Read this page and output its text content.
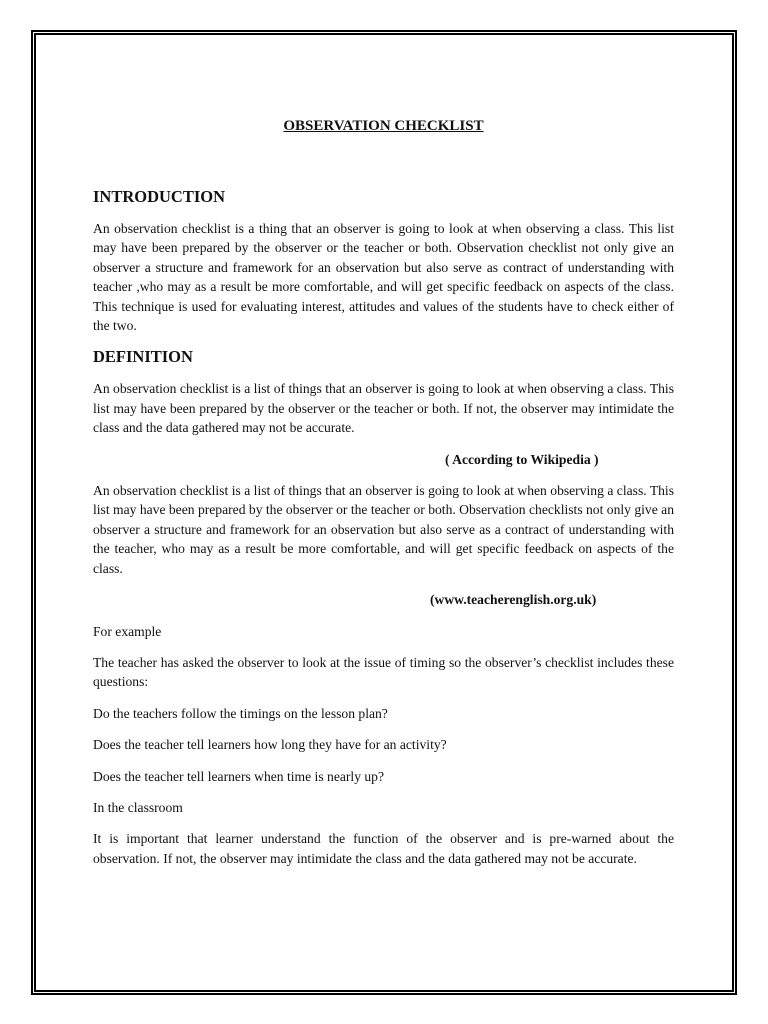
OBSERVATION CHECKLIST
INTRODUCTION
An observation checklist is a thing that an observer is going to look at when observing a class. This list may have been prepared by the observer or the teacher or both. Observation checklist not only give an observer a structure and framework for an observation but also serve as contract of understanding with teacher ,who may as a result be more comfortable, and will get specific feedback on aspects of the class. This technique is used for evaluating interest, attitudes and values of the students have to check either of the two.
DEFINITION
An observation checklist is a list of things that an observer is going to look at when observing a class. This list may have been prepared by the observer or the teacher or both. If not, the observer may intimidate the class and the data gathered may not be accurate.
( According to Wikipedia )
An observation checklist is a list of things that an observer is going to look at when observing a class. This list may have been prepared by the observer or the teacher or both. Observation checklists not only give an observer a structure and framework for an observation but also serve as a contract of understanding with the teacher, who may as a result be more comfortable, and will get specific feedback on aspects of the class.
(www.teacherenglish.org.uk)
For example
The teacher has asked the observer to look at the issue of timing so the observer’s checklist includes these questions:
Do the teachers follow the timings on the lesson plan?
Does the teacher tell learners how long they have for an activity?
Does the teacher tell learners when time is nearly up?
In the classroom
It is important that learner understand the function of the observer and is pre-warned about the observation. If not, the observer may intimidate the class and the data gathered may not be accurate.
